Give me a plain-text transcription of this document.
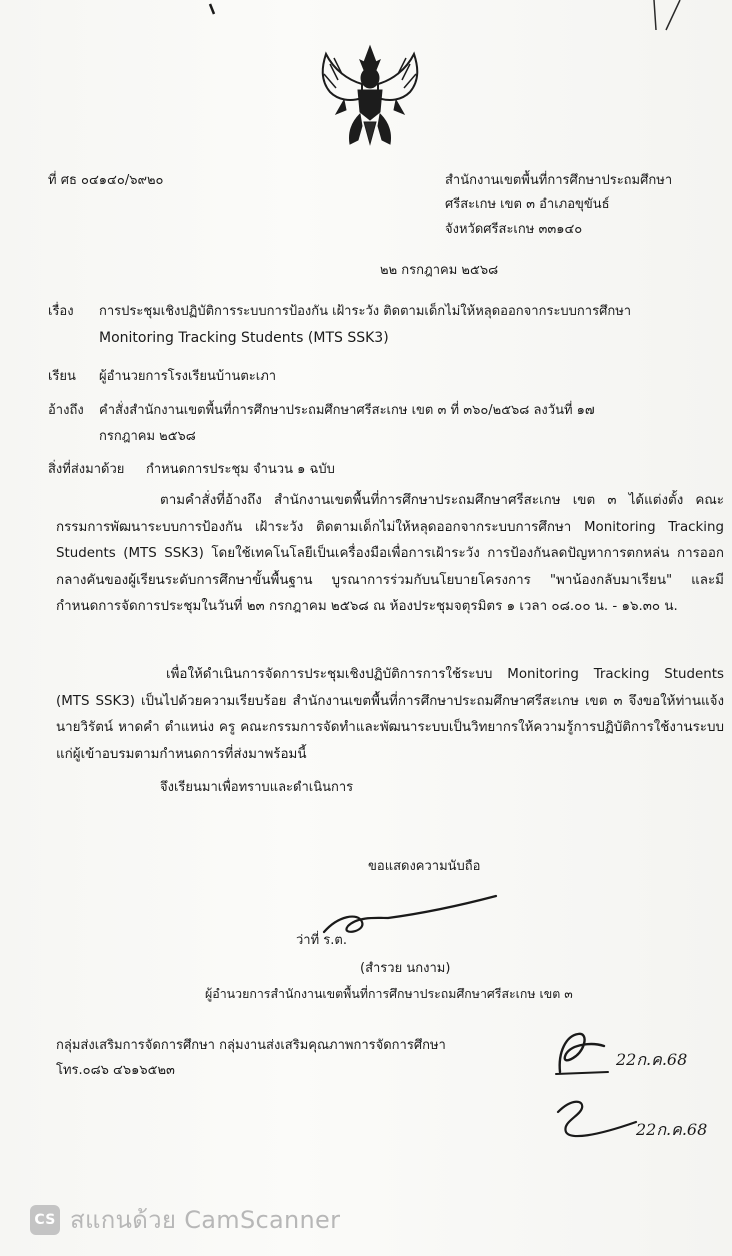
ที่ ศธ ๐๔๑๔๐/๖๙๒๐	สำนักงานเขตพื้นที่การศึกษาประถมศึกษา
ศรีสะเกษ เขต ๓ อำเภอขุขันธ์
จังหวัดศรีสะเกษ ๓๓๑๔๐
๒๒ กรกฎาคม ๒๕๖๘
เรื่อง การประชุมเชิงปฏิบัติการระบบการป้องกัน เฝ้าระวัง ติดตามเด็กไม่ให้หลุดออกจากระบบการศึกษา
Monitoring Tracking Students (MTS SSK3)
เรียน ผู้อำนวยการโรงเรียนบ้านตะเภา
อ้างถึง คำสั่งสำนักงานเขตพื้นที่การศึกษาประถมศึกษาศรีสะเกษ เขต ๓ ที่ ๓๖๐/๒๕๖๘ ลงวันที่ ๑๗
กรกฎาคม ๒๕๖๘
สิ่งที่ส่งมาด้วย กำหนดการประชุม จำนวน ๑ ฉบับ
ตามคำสั่งที่อ้างถึง สำนักงานเขตพื้นที่การศึกษาประถมศึกษาศรีสะเกษ เขต ๓ ได้แต่งตั้ง คณะกรรมการพัฒนาระบบการป้องกัน เฝ้าระวัง ติดตามเด็กไม่ให้หลุดออกจากระบบการศึกษา Monitoring Tracking Students (MTS SSK3) โดยใช้เทคโนโลยีเป็นเครื่องมือเพื่อการเฝ้าระวัง การป้องกันลดปัญหาการตกหล่น การออกกลางคันของผู้เรียนระดับการศึกษาขั้นพื้นฐาน บูรณาการร่วมกับนโยบายโครงการ "พาน้องกลับมาเรียน" และมีกำหนดการจัดการประชุมในวันที่ ๒๓ กรกฎาคม ๒๕๖๘ ณ ห้องประชุมจตุรมิตร ๑ เวลา ๐๘.๐๐ น. - ๑๖.๓๐ น.
เพื่อให้ดำเนินการจัดการประชุมเชิงปฏิบัติการการใช้ระบบ Monitoring Tracking Students (MTS SSK3) เป็นไปด้วยความเรียบร้อย สำนักงานเขตพื้นที่การศึกษาประถมศึกษาศรีสะเกษ เขต ๓ จึงขอให้ท่านแจ้ง นายวิรัตน์ หาดคำ ตำแหน่ง ครู คณะกรรมการจัดทำและพัฒนาระบบเป็นวิทยากรให้ความรู้การปฏิบัติการใช้งานระบบแก่ผู้เข้าอบรมตามกำหนดการที่ส่งมาพร้อมนี้
จึงเรียนมาเพื่อทราบและดำเนินการ
ขอแสดงความนับถือ
ว่าที่ ร.ต.
(สำรวย นกงาม)
ผู้อำนวยการสำนักงานเขตพื้นที่การศึกษาประถมศึกษาศรีสะเกษ เขต ๓
กลุ่มส่งเสริมการจัดการศึกษา กลุ่มงานส่งเสริมคุณภาพการจัดการศึกษา
โทร.๐๘๖ ๔๖๑๖๕๒๓
22ก.ค.68
22ก.ค.68
CS สแกนด้วย CamScanner
